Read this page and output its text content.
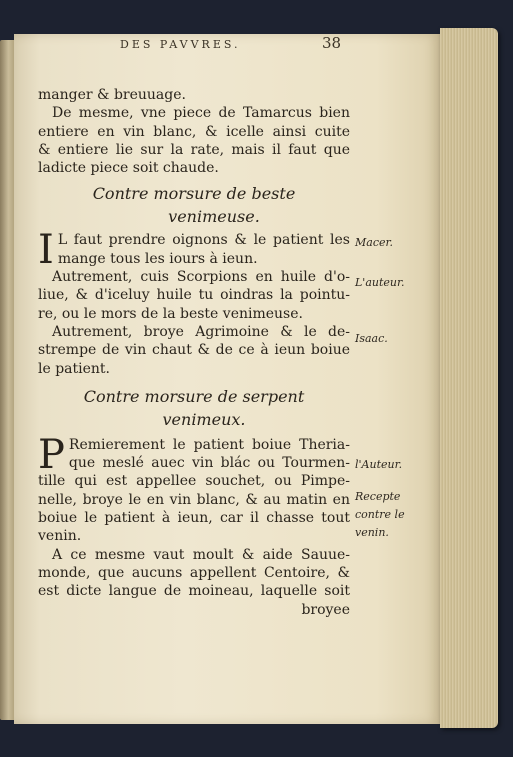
DES PAVVRES.	38
manger & breuuage.
De mesme, vne piece de Tamarcus bien
entiere en vin blanc, & icelle ainsi cuite
& entiere lie sur la rate, mais il faut que
ladicte piece soit chaude.
Contre morsure de beste
venimeuse.
I L faut prendre oignons & le patient les
mange tous les iours à ieun.
Autrement, cuis Scorpions en huile d'o-
liue, & d'iceluy huile tu oindras la pointu-
re, ou le mors de la beste venimeuse.
Autrement, broye Agrimoine & le de-
strempe de vin chaut & de ce à ieun boiue
le patient.
Contre morsure de serpent
venimeux.
P Remierement le patient boiue Theria-
que meslé auec vin blác ou Tourmen-
tille qui est appellee souchet, ou Pimpe-
nelle, broye le en vin blanc, & au matin en
boiue le patient à ieun, car il chasse tout
venin.
A ce mesme vaut moult & aide Sauue-
monde, que aucuns appellent Centoire, &
est dicte langue de moineau, laquelle soit
broyee
Macer.
L'auteur.
Isaac.
l'Auteur.
Recepte
contre le
venin.
